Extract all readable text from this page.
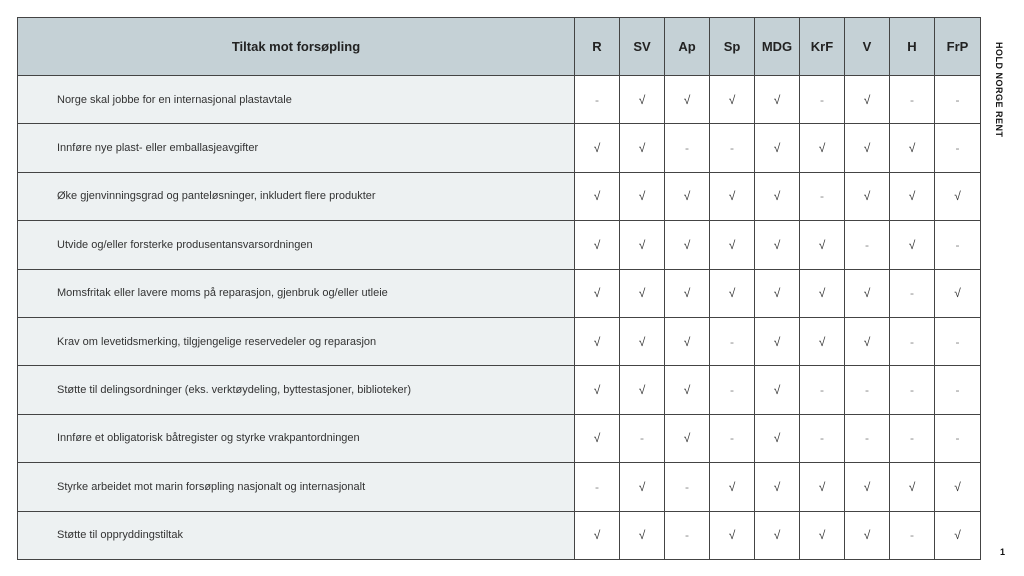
Tiltak mot forsøpling	R	SV	Ap	Sp	MDG	KrF	V	H	FrP
Norge skal jobbe for en internasjonal plastavtale	-	√	√	√	√	-	√	-	-
Innføre nye plast- eller emballasjeavgifter	√	√	-	-	√	√	√	√	-
Øke gjenvinningsgrad og panteløsninger, inkludert flere produkter	√	√	√	√	√	-	√	√	√
Utvide og/eller forsterke produsentansvarsordningen	√	√	√	√	√	√	-	√	-
Momsfritak eller lavere moms på reparasjon, gjenbruk og/eller utleie	√	√	√	√	√	√	√	-	√
Krav om levetidsmerking, tilgjengelige reservedeler og reparasjon	√	√	√	-	√	√	√	-	-
Støtte til delingsordninger (eks. verktøydeling, byttestasjoner, biblioteker)	√	√	√	-	√	-	-	-	-
Innføre et obligatorisk båtregister og styrke vrakpantordningen	√	-	√	-	√	-	-	-	-
Styrke arbeidet mot marin forsøpling nasjonalt og internasjonalt	-	√	-	√	√	√	√	√	√
Støtte til oppryddingstiltak	√	√	-	√	√	√	√	-	√
HOLD NORGE RENT
1
